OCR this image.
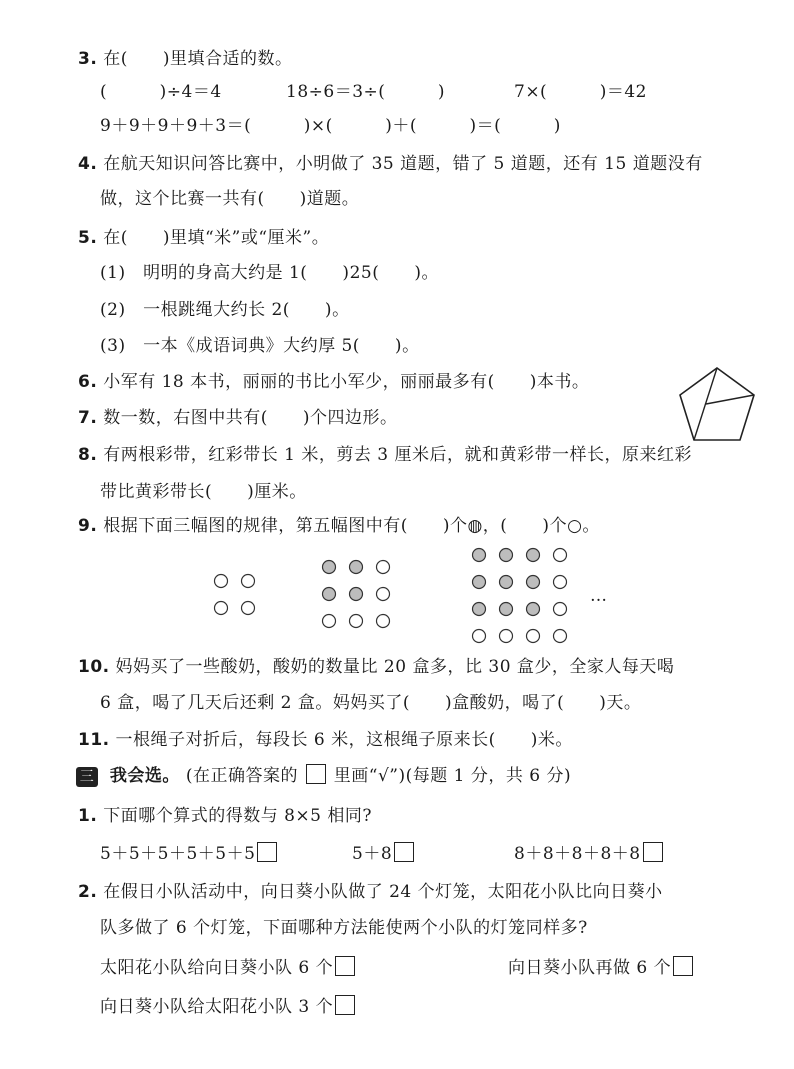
3. 在(　　)里填合适的数。
(　　　)÷4＝4	18÷6＝3÷(　　　)	7×(　　　)＝42
9＋9＋9＋9＋3＝(　　　)×(　　　)＋(　　　)＝(　　　)
4. 在航天知识问答比赛中，小明做了 35 道题，错了 5 道题，还有 15 道题没有
做，这个比赛一共有(　　)道题。
5. 在(　　)里填“米”或“厘米”。
(1)　明明的身高大约是 1(　　)25(　　)。
(2)　一根跳绳大约长 2(　　)。
(3)　一本《成语词典》大约厚 5(　　)。
6. 小军有 18 本书，丽丽的书比小军少，丽丽最多有(　　)本书。
7. 数一数，右图中共有(　　)个四边形。
8. 有两根彩带，红彩带长 1 米，剪去 3 厘米后，就和黄彩带一样长，原来红彩
带比黄彩带长(　　)厘米。
9. 根据下面三幅图的规律，第五幅图中有(　　)个◍，(　　)个○。
…
10. 妈妈买了一些酸奶，酸奶的数量比 20 盒多，比 30 盒少，全家人每天喝
6 盒，喝了几天后还剩 2 盒。妈妈买了(　　)盒酸奶，喝了(　　)天。
11. 一根绳子对折后，每段长 6 米，这根绳子原来长(　　)米。
三 我会选。 (在正确答案的 里画“√”)(每题 1 分，共 6 分)
1. 下面哪个算式的得数与 8×5 相同?
5＋5＋5＋5＋5＋5	5＋8	8＋8＋8＋8＋8
2. 在假日小队活动中，向日葵小队做了 24 个灯笼，太阳花小队比向日葵小
队多做了 6 个灯笼，下面哪种方法能使两个小队的灯笼同样多?
太阳花小队给向日葵小队 6 个	向日葵小队再做 6 个
向日葵小队给太阳花小队 3 个
